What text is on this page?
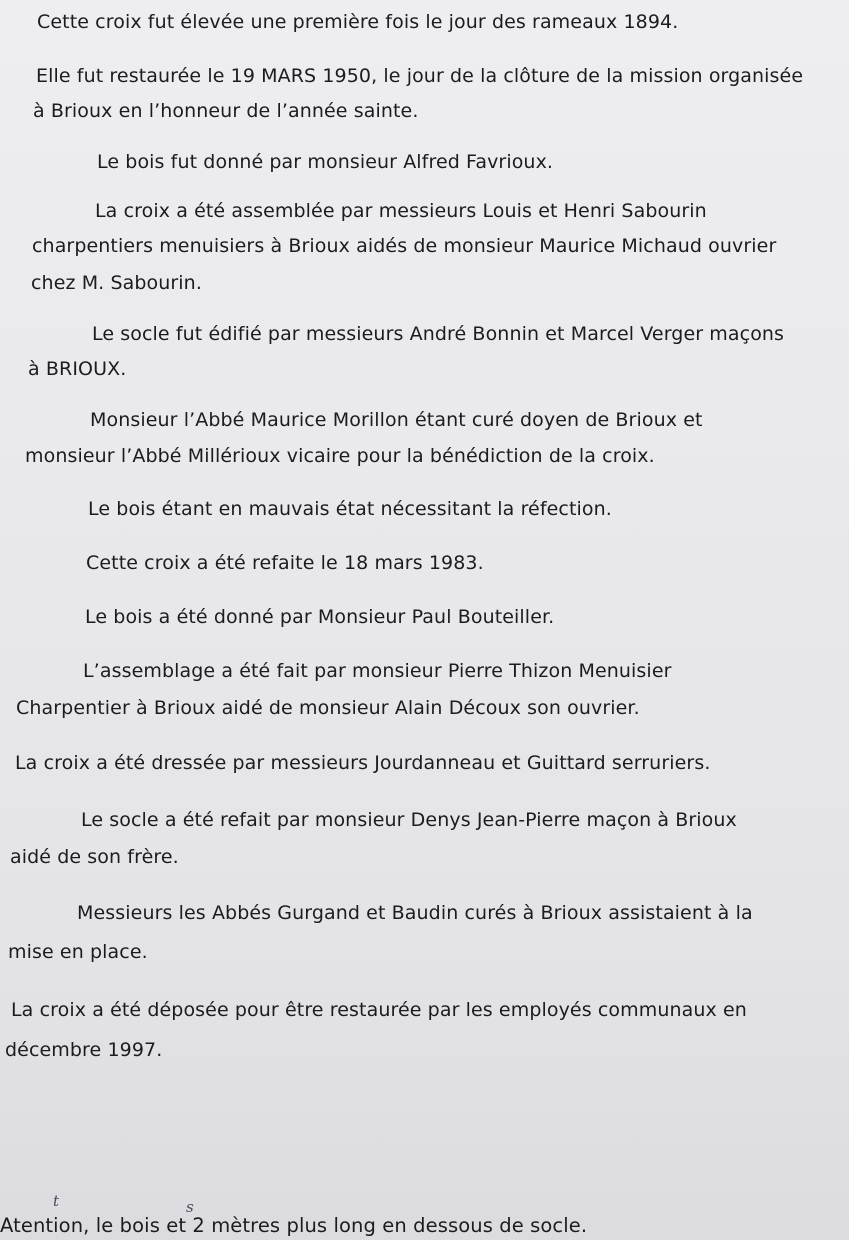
Cette croix fut élevée une première fois le jour des rameaux 1894.
Elle fut restaurée le 19 MARS 1950, le jour de la clôture de la mission organisée
à Brioux en l’honneur de l’année sainte.
Le bois fut donné par monsieur Alfred Favrioux.
La croix a été assemblée par messieurs Louis et Henri Sabourin
charpentiers menuisiers à Brioux aidés de monsieur Maurice Michaud ouvrier
chez M. Sabourin.
Le socle fut édifié par messieurs André Bonnin et Marcel Verger maçons
à BRIOUX.
Monsieur l’Abbé Maurice Morillon étant curé doyen de Brioux et
monsieur l’Abbé Millérioux vicaire pour la bénédiction de la croix.
Le bois étant en mauvais état nécessitant la réfection.
Cette croix a été refaite le 18 mars 1983.
Le bois a été donné par Monsieur Paul Bouteiller.
L’assemblage a été fait par monsieur Pierre Thizon Menuisier
Charpentier à Brioux aidé de monsieur Alain Découx son ouvrier.
La croix a été dressée par messieurs Jourdanneau et Guittard serruriers.
Le socle a été refait par monsieur Denys Jean-Pierre maçon à Brioux
aidé de son frère.
Messieurs les Abbés Gurgand et Baudin curés à Brioux assistaient à la
mise en place.
La croix a été déposée pour être restaurée par les employés communaux en
décembre 1997.
t	s
Atention, le bois et 2 mètres plus long en dessous de socle.
